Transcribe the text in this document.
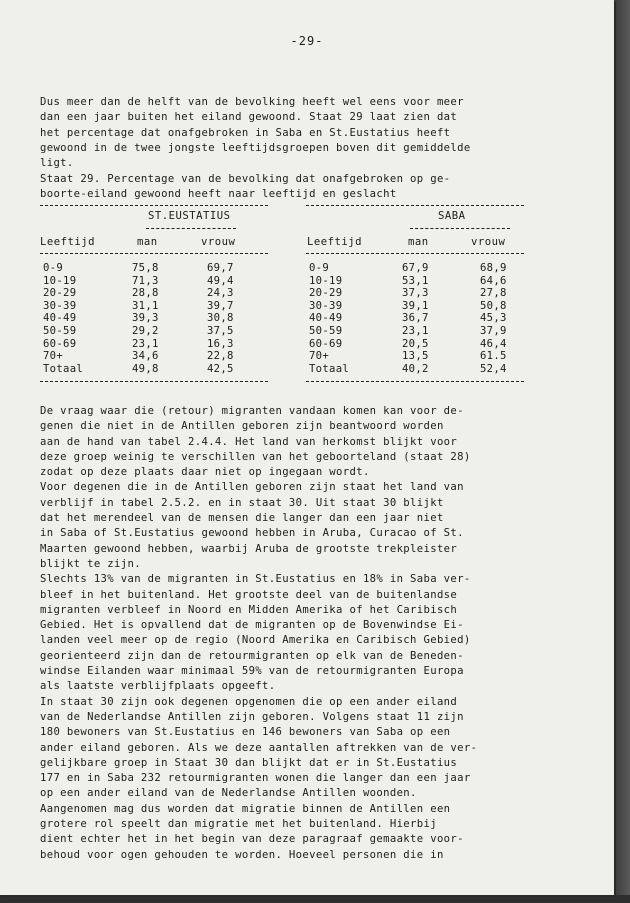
-29-
Dus meer dan de helft van de bevolking heeft wel eens voor meer
dan een jaar buiten het eiland gewoond. Staat 29 laat zien dat
het percentage dat onafgebroken in Saba en St.Eustatius heeft
gewoond in de twee jongste leeftijdsgroepen boven dit gemiddelde
ligt.
Staat 29. Percentage van de bevolking dat onafgebroken op ge-
boorte-eiland gewoond heeft naar leeftijd en geslacht
ST.EUSTATIUS	SABA
Leeftijd	man	vrouw	Leeftijd	man	vrouw
0-9	75,8	69,7
10-19	71,3	49,4
20-29	28,8	24,3
30-39	31,1	39,7
40-49	39,3	30,8
50-59	29,2	37,5
60-69	23,1	16,3
70+	34,6	22,8
Totaal	49,8	42,5
0-9	67,9	68,9
10-19	53,1	64,6
20-29	37,3	27,8
30-39	39,1	50,8
40-49	36,7	45,3
50-59	23,1	37,9
60-69	20,5	46,4
70+	13,5	61.5
Totaal	40,2	52,4
De vraag waar die (retour) migranten vandaan komen kan voor de-
genen die niet in de Antillen geboren zijn beantwoord worden
aan de hand van tabel 2.4.4. Het land van herkomst blijkt voor
deze groep weinig te verschillen van het geboorteland (staat 28)
zodat op deze plaats daar niet op ingegaan wordt.
Voor degenen die in de Antillen geboren zijn staat het land van
verblijf in tabel 2.5.2. en in staat 30. Uit staat 30 blijkt
dat het merendeel van de mensen die langer dan een jaar niet
in Saba of St.Eustatius gewoond hebben in Aruba, Curacao of St.
Maarten gewoond hebben, waarbij Aruba de grootste trekpleister
blijkt te zijn.
Slechts 13% van de migranten in St.Eustatius en 18% in Saba ver-
bleef in het buitenland. Het grootste deel van de buitenlandse
migranten verbleef in Noord en Midden Amerika of het Caribisch
Gebied. Het is opvallend dat de migranten op de Bovenwindse Ei-
landen veel meer op de regio (Noord Amerika en Caribisch Gebied)
georienteerd zijn dan de retourmigranten op elk van de Beneden-
windse Eilanden waar minimaal 59% van de retourmigranten Europa
als laatste verblijfplaats opgeeft.
In staat 30 zijn ook degenen opgenomen die op een ander eiland
van de Nederlandse Antillen zijn geboren. Volgens staat 11 zijn
180 bewoners van St.Eustatius en 146 bewoners van Saba op een
ander eiland geboren. Als we deze aantallen aftrekken van de ver-
gelijkbare groep in Staat 30 dan blijkt dat er in St.Eustatius
177 en in Saba 232 retourmigranten wonen die langer dan een jaar
op een ander eiland van de Nederlandse Antillen woonden.
Aangenomen mag dus worden dat migratie binnen de Antillen een
grotere rol speelt dan migratie met het buitenland. Hierbij
dient echter het in het begin van deze paragraaf gemaakte voor-
behoud voor ogen gehouden te worden. Hoeveel personen die in
